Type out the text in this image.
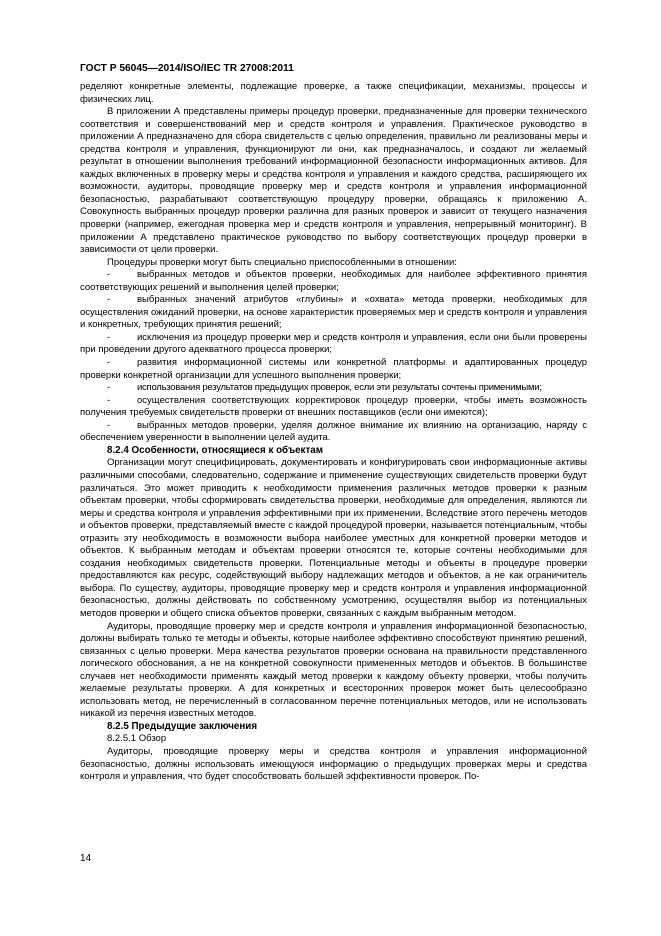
ГОСТ Р 56045—2014/ISO/IEC TR 27008:2011

ределяют конкретные элементы, подлежащие проверке, а также спецификации, механизмы, процессы и физических лиц.

В приложении А представлены примеры процедур проверки, предназначенные для проверки технического соответствия и совершенствований мер и средств контроля и управления. Практическое руководство в приложении А предназначено для сбора свидетельств с целью определения, правильно ли реализованы меры и средства контроля и управления, функционируют ли они, как предназначалось, и создают ли желаемый результат в отношении выполнения требований информационной безопасности информационных активов. Для каждых включенных в проверку меры и средства контроля и управления и каждого средства, расширяющего их возможности, аудиторы, проводящие проверку мер и средств контроля и управления информационной безопасностью, разрабатывают соответствующую процедуру проверки, обращаясь к приложению А. Совокупность выбранных процедур проверки различна для разных проверок и зависит от текущего назначения проверки (например, ежегодная проверка мер и средств контроля и управления, непрерывный мониторинг). В приложении А представлено практическое руководство по выбору соответствующих процедур проверки в зависимости от цели проверки.

Процедуры проверки могут быть специально приспособленными в отношении:

-	выбранных методов и объектов проверки, необходимых для наиболее эффективного принятия соответствующих решений и выполнения целей проверки;

-	выбранных значений атрибутов «глубины» и «охвата» метода проверки, необходимых для осуществления ожиданий проверки, на основе характеристик проверяемых мер и средств контроля и управления и конкретных, требующих принятия решений;

-	исключения из процедур проверки мер и средств контроля и управления, если они были проверены при проведении другого адекватного процесса проверки;

-	развития информационной системы или конкретной платформы и адаптированных процедур проверки конкретной организации для успешного выполнения проверки;

-	использования результатов предыдущих проверок, если эти результаты сочтены применимыми;

-	осуществления соответствующих корректировок процедур проверки, чтобы иметь возможность получения требуемых свидетельств проверки от внешних поставщиков (если они имеются);

-	выбранных методов проверки, уделяя должное внимание их влиянию на организацию, наряду с обеспечением уверенности в выполнении целей аудита.

8.2.4 Особенности, относящиеся к объектам

Организации могут специфицировать, документировать и конфигурировать свои информационные активы различными способами, следовательно, содержание и применение существующих свидетельств проверки будут различаться. Это может приводить к необходимости применения различных методов проверки к разным объектам проверки, чтобы сформировать свидетельства проверки, необходимые для определения, являются ли меры и средства контроля и управления эффективными при их применении. Вследствие этого перечень методов и объектов проверки, представляемый вместе с каждой процедурой проверки, называется потенциальным, чтобы отразить эту необходимость в возможности выбора наиболее уместных для конкретной проверки методов и объектов. К выбранным методам и объектам проверки относятся те, которые сочтены необходимыми для создания необходимых свидетельств проверки. Потенциальные методы и объекты в процедуре проверки предоставляются как ресурс, содействующий выбору надлежащих методов и объектов, а не как ограничитель выбора. По существу, аудиторы, проводящие проверку мер и средств контроля и управления информационной безопасностью, должны действовать по собственному усмотрению, осуществляя выбор из потенциальных методов проверки и общего списка объектов проверки, связанных с каждым выбранным методом.

Аудиторы, проводящие проверку мер и средств контроля и управления информационной безопасностью, должны выбирать только те методы и объекты, которые наиболее эффективно способствуют принятию решений, связанных с целью проверки. Мера качества результатов проверки основана на правильности представленного логического обоснования, а не на конкретной совокупности примененных методов и объектов. В большинстве случаев нет необходимости применять каждый метод проверки к каждому объекту проверки, чтобы получить желаемые результаты проверки. А для конкретных и всесторонних проверок может быть целесообразно использовать метод, не перечисленный в согласованном перечне потенциальных методов, или не использовать никакой из перечня известных методов.

8.2.5 Предыдущие заключения

8.2.5.1 Обзор

Аудиторы, проводящие проверку меры и средства контроля и управления информационной безопасностью, должны использовать имеющуюся информацию о предыдущих проверках меры и средства контроля и управления, что будет способствовать большей эффективности проверок. По-

14
